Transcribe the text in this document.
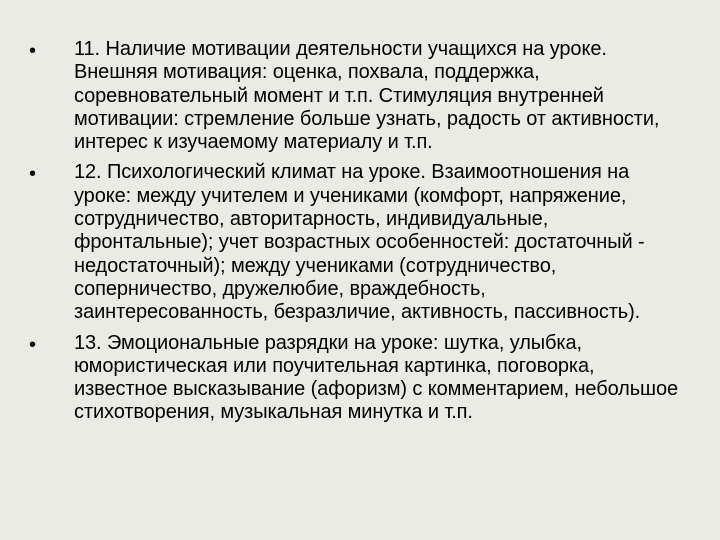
• 11. Наличие мотивации деятельности учащихся на уроке. Внешняя мотивация: оценка, похвала, поддержка, соревновательный момент и т.п. Стимуляция внутренней мотивации: стремление больше узнать, радость от активности, интерес к изучаемому материалу и т.п.
• 12. Психологический климат на уроке. Взаимоотношения на уроке: между учителем и учениками (комфорт, напряжение, сотрудничество, авторитарность, индивидуальные, фронтальные); учет возрастных особенностей: достаточный - недостаточный); между учениками (сотрудничество, соперничество, дружелюбие, враждебность, заинтересованность, безразличие, активность, пассивность).
• 13. Эмоциональные разрядки на уроке: шутка, улыбка, юмористическая или поучительная картинка, поговорка, известное высказывание (афоризм) с комментарием, небольшое стихотворения, музыкальная минутка и т.п.
